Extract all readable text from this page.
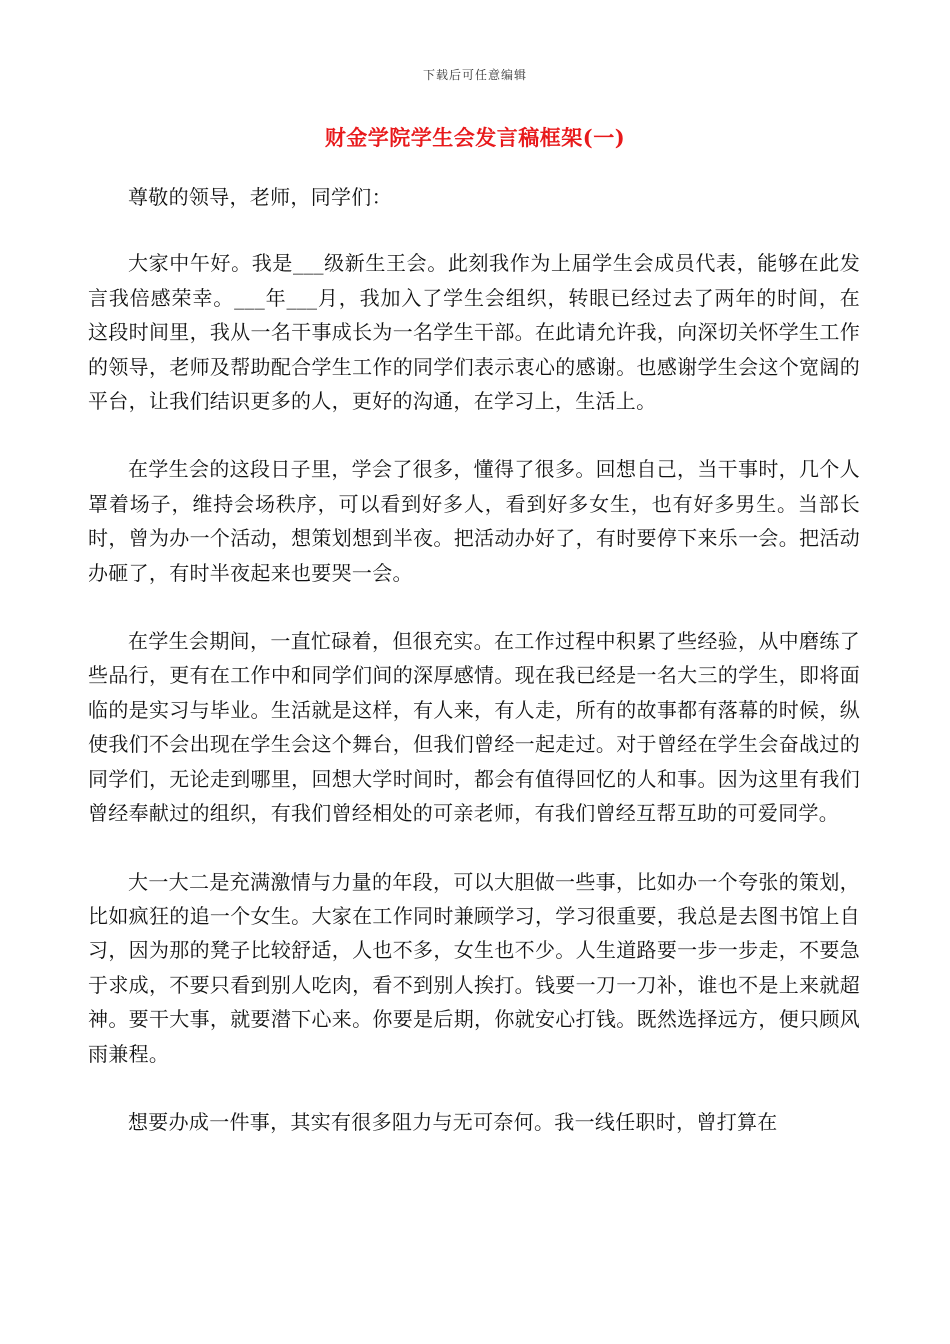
下载后可任意编辑
财金学院学生会发言稿框架(一)

尊敬的领导，老师，同学们：

大家中午好。我是___级新生王会。此刻我作为上届学生会成员代表，能够在此发言我倍感荣幸。___年___月，我加入了学生会组织，转眼已经过去了两年的时间，在这段时间里，我从一名干事成长为一名学生干部。在此请允许我，向深切关怀学生工作的领导，老师及帮助配合学生工作的同学们表示衷心的感谢。也感谢学生会这个宽阔的平台，让我们结识更多的人，更好的沟通，在学习上，生活上。

在学生会的这段日子里，学会了很多，懂得了很多。回想自己，当干事时，几个人罩着场子，维持会场秩序，可以看到好多人，看到好多女生，也有好多男生。当部长时，曾为办一个活动，想策划想到半夜。把活动办好了，有时要停下来乐一会。把活动办砸了，有时半夜起来也要哭一会。

在学生会期间，一直忙碌着，但很充实。在工作过程中积累了些经验，从中磨练了些品行，更有在工作中和同学们间的深厚感情。现在我已经是一名大三的学生，即将面临的是实习与毕业。生活就是这样，有人来，有人走，所有的故事都有落幕的时候，纵使我们不会出现在学生会这个舞台，但我们曾经一起走过。对于曾经在学生会奋战过的同学们，无论走到哪里，回想大学时间时，都会有值得回忆的人和事。因为这里有我们曾经奉献过的组织，有我们曾经相处的可亲老师，有我们曾经互帮互助的可爱同学。

大一大二是充满激情与力量的年段，可以大胆做一些事，比如办一个夸张的策划，比如疯狂的追一个女生。大家在工作同时兼顾学习，学习很重要，我总是去图书馆上自习，因为那的凳子比较舒适，人也不多，女生也不少。人生道路要一步一步走，不要急于求成，不要只看到别人吃肉，看不到别人挨打。钱要一刀一刀补，谁也不是上来就超神。要干大事，就要潜下心来。你要是后期，你就安心打钱。既然选择远方，便只顾风雨兼程。

想要办成一件事，其实有很多阻力与无可奈何。我一线任职时，曾打算在
